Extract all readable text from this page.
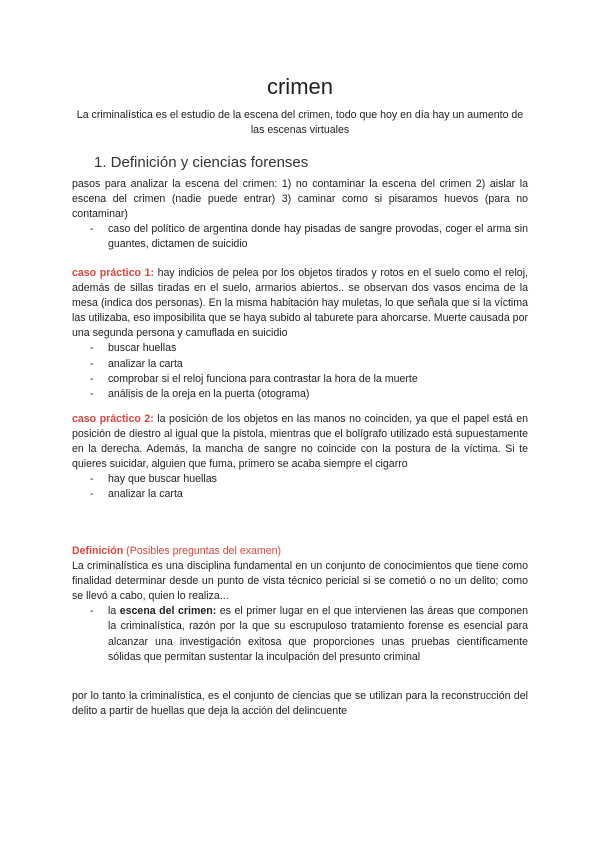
crimen
La criminalística es el estudio de la escena del crimen, todo que hoy en día hay un aumento de las escenas virtuales
1. Definición y ciencias forenses
pasos para analizar la escena del crimen: 1) no contaminar la escena del crimen 2) aislar la escena del crimen (nadie puede entrar) 3) caminar como si pisaramos huevos (para no contaminar)
- caso del político de argentina donde hay pisadas de sangre provodas, coger el arma sin guantes, dictamen de suicidio
caso práctico 1: hay indicios de pelea por los objetos tirados y rotos en el suelo como el reloj, además de sillas tiradas en el suelo, armarios abiertos.. se observan dos vasos encima de la mesa (indica dos personas). En la misma habitación hay muletas, lo que señala que si la víctima las utilizaba, eso imposibilita que se haya subido al taburete para ahorcarse. Muerte causada por una segunda persona y camuflada en suicidio
- buscar huellas
- analizar la carta
- comprobar si el reloj funciona para contrastar la hora de la muerte
- análisis de la oreja en la puerta (otograma)
caso práctico 2: la posición de los objetos en las manos no coinciden, ya que el papel está en posición de diestro al igual que la pistola, mientras que el bolígrafo utilizado está supuestamente en la derecha. Además, la mancha de sangre no coincide con la postura de la víctima. Si te quieres suicidar, alguien que fuma, primero se acaba siempre el cigarro
- hay que buscar huellas
- analizar la carta
Definición (Posibles preguntas del examen)
La criminalística es una disciplina fundamental en un conjunto de conocimientos que tiene como finalidad determinar desde un punto de vista técnico pericial si se cometió o no un delito; como se llevó a cabo, quien lo realiza...
- la escena del crimen: es el primer lugar en el que intervienen las áreas que componen la criminalística, razón por la que su escrupuloso tratamiento forense es esencial para alcanzar una investigación exitosa que proporciones unas pruebas científicamente sólidas que permitan sustentar la inculpación del presunto criminal
por lo tanto la criminalística, es el conjunto de ciencias que se utilizan para la reconstrucción del delito a partir de huellas que deja la acción del delincuente
